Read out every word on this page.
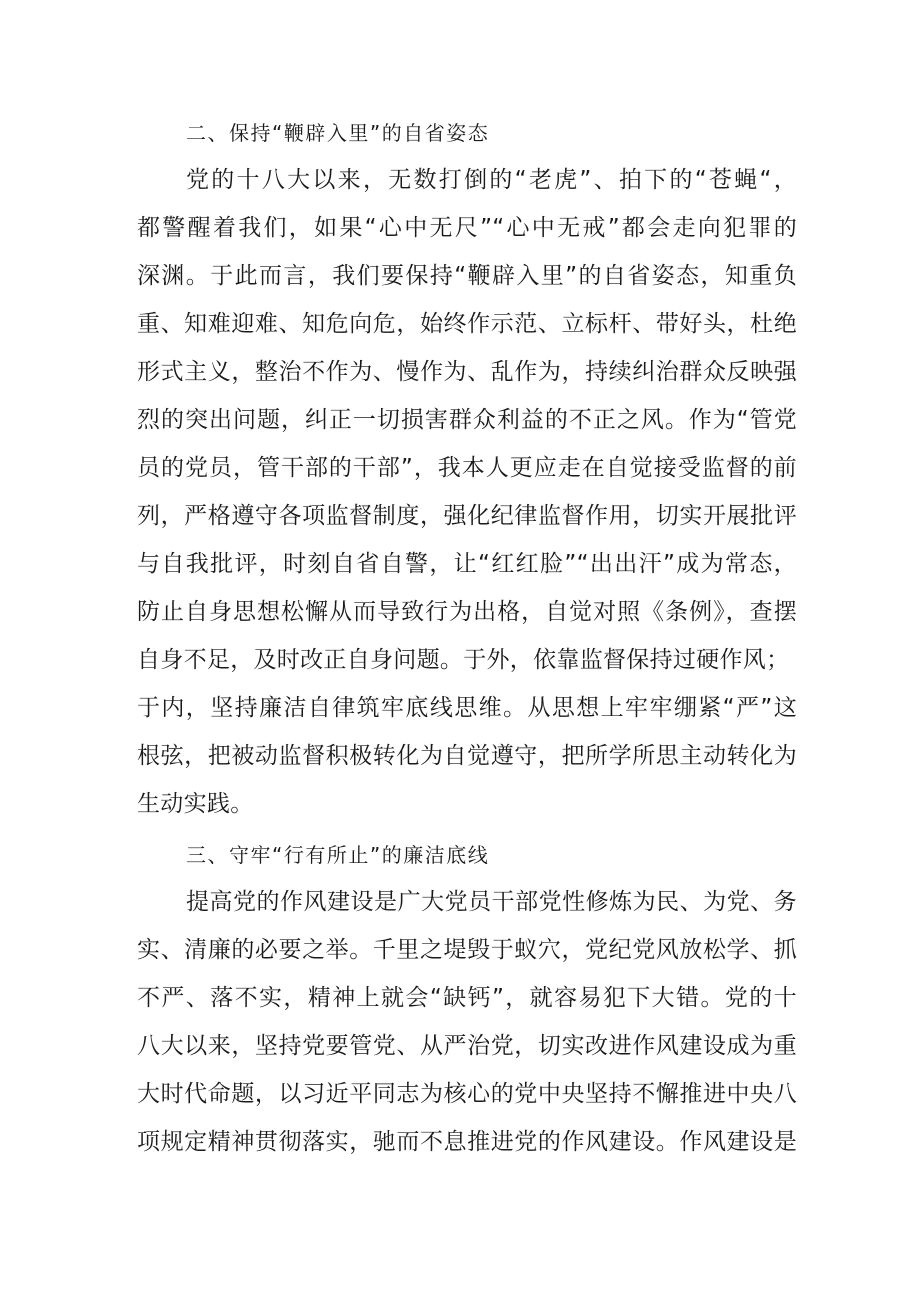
二、保持“鞭辟入里”的自省姿态
党的十八大以来，无数打倒的“老虎”、拍下的“苍蝇“，
都警醒着我们，如果“心中无尺”“心中无戒”都会走向犯罪的
深渊。于此而言，我们要保持“鞭辟入里”的自省姿态，知重负
重、知难迎难、知危向危，始终作示范、立标杆、带好头，杜绝
形式主义，整治不作为、慢作为、乱作为，持续纠治群众反映强
烈的突出问题，纠正一切损害群众利益的不正之风。作为“管党
员的党员，管干部的干部”，我本人更应走在自觉接受监督的前
列，严格遵守各项监督制度，强化纪律监督作用，切实开展批评
与自我批评，时刻自省自警，让“红红脸”“出出汗”成为常态，
防止自身思想松懈从而导致行为出格，自觉对照《条例》，查摆
自身不足，及时改正自身问题。于外，依靠监督保持过硬作风；
于内，坚持廉洁自律筑牢底线思维。从思想上牢牢绷紧“严”这
根弦，把被动监督积极转化为自觉遵守，把所学所思主动转化为
生动实践。
三、守牢“行有所止”的廉洁底线
提高党的作风建设是广大党员干部党性修炼为民、为党、务
实、清廉的必要之举。千里之堤毁于蚁穴，党纪党风放松学、抓
不严、落不实，精神上就会“缺钙”，就容易犯下大错。党的十
八大以来，坚持党要管党、从严治党，切实改进作风建设成为重
大时代命题，以习近平同志为核心的党中央坚持不懈推进中央八
项规定精神贯彻落实，驰而不息推进党的作风建设。作风建设是
